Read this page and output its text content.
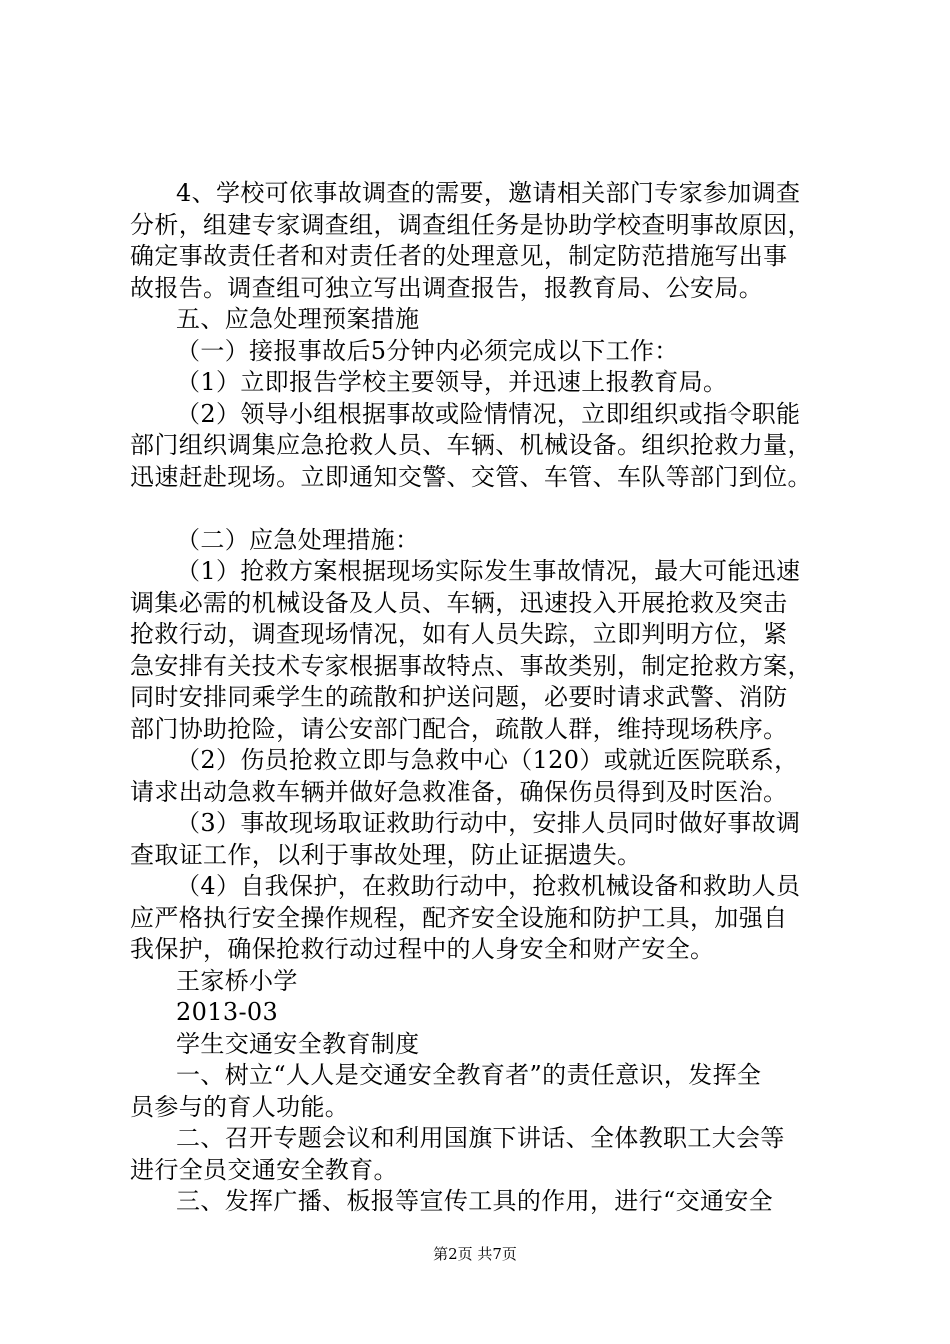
4、学校可依事故调查的需要，邀请相关部门专家参加调查
分析，组建专家调查组，调查组任务是协助学校查明事故原因，
确定事故责任者和对责任者的处理意见，制定防范措施写出事
故报告。调查组可独立写出调查报告，报教育局、公安局。
五、应急处理预案措施
（一）接报事故后5分钟内必须完成以下工作：
（1）立即报告学校主要领导，并迅速上报教育局。
（2）领导小组根据事故或险情情况，立即组织或指令职能
部门组织调集应急抢救人员、车辆、机械设备。组织抢救力量，
迅速赶赴现场。立即通知交警、交管、车管、车队等部门到位。
（二）应急处理措施：
（1）抢救方案根据现场实际发生事故情况，最大可能迅速
调集必需的机械设备及人员、车辆，迅速投入开展抢救及突击
抢救行动，调查现场情况，如有人员失踪，立即判明方位，紧
急安排有关技术专家根据事故特点、事故类别，制定抢救方案，
同时安排同乘学生的疏散和护送问题，必要时请求武警、消防
部门协助抢险，请公安部门配合，疏散人群，维持现场秩序。
（2）伤员抢救立即与急救中心（120）或就近医院联系，
请求出动急救车辆并做好急救准备，确保伤员得到及时医治。
（3）事故现场取证救助行动中，安排人员同时做好事故调
查取证工作，以利于事故处理，防止证据遗失。
（4）自我保护，在救助行动中，抢救机械设备和救助人员
应严格执行安全操作规程，配齐安全设施和防护工具，加强自
我保护，确保抢救行动过程中的人身安全和财产安全。
王家桥小学
2013-03
学生交通安全教育制度
一、树立“人人是交通安全教育者”的责任意识，发挥全
员参与的育人功能。
二、召开专题会议和利用国旗下讲话、全体教职工大会等
进行全员交通安全教育。
三、发挥广播、板报等宣传工具的作用，进行“交通安全
第2页 共7页
